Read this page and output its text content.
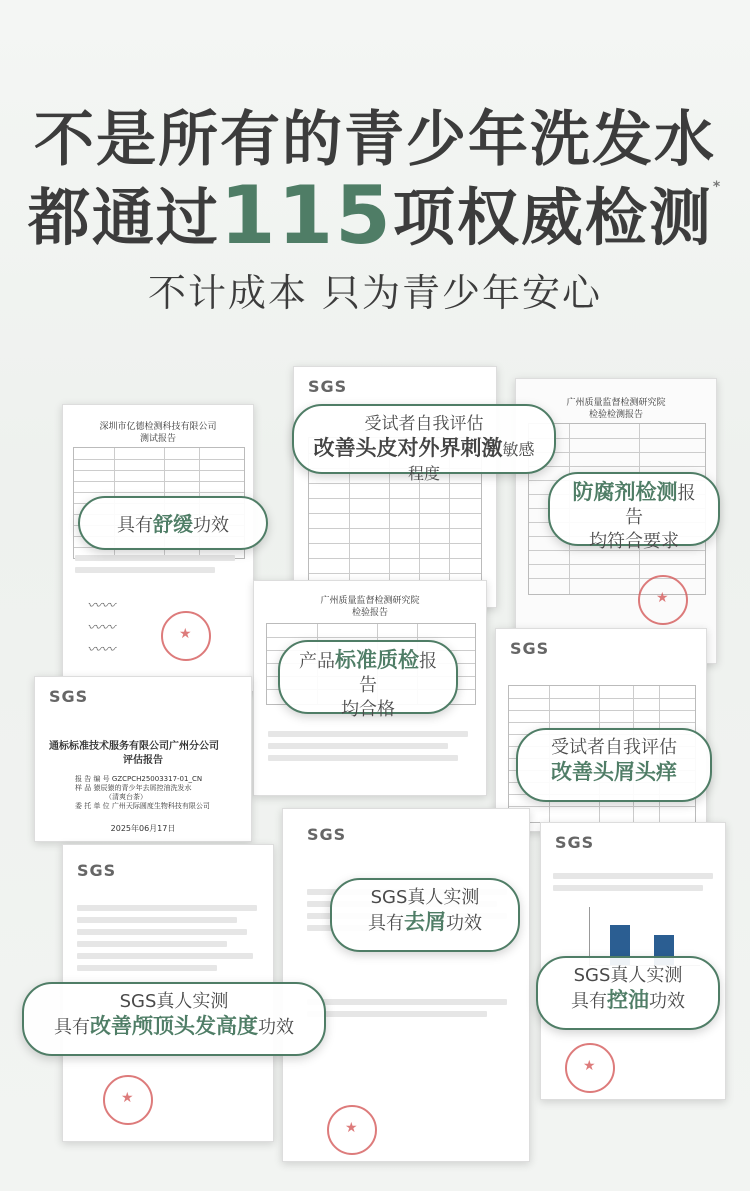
不是所有的青少年洗发水
都通过115项权威检测*
不计成本 只为青少年安心
SGS
广州质量监督检测研究院
检验检测报告
★
深圳市亿德检测科技有限公司
测试报告
〰〰
〰〰
〰〰
★
广州质量监督检测研究院
检验报告
SGS
SGS
通标标准技术服务有限公司广州分公司
评估报告
报 告 编 号 GZCPCH25003317-01_CN
样 品 猿辰猿的青少年去屑控油洗发水
（清爽台茶）
委 托 单 位 广州天际圆度生物科技有限公司
2025年06月17日
SGS
★
SGS
★	SGS
★
受试者自我评估
改善头皮对外界刺激敏感程度
具有舒缓功效
防腐剂检测报告
均符合要求
产品标准质检报告
均合格
受试者自我评估
改善头屑头痒
SGS真人实测
具有去屑功效
SGS真人实测
具有改善颅顶头发高度功效
SGS真人实测
具有控油功效
